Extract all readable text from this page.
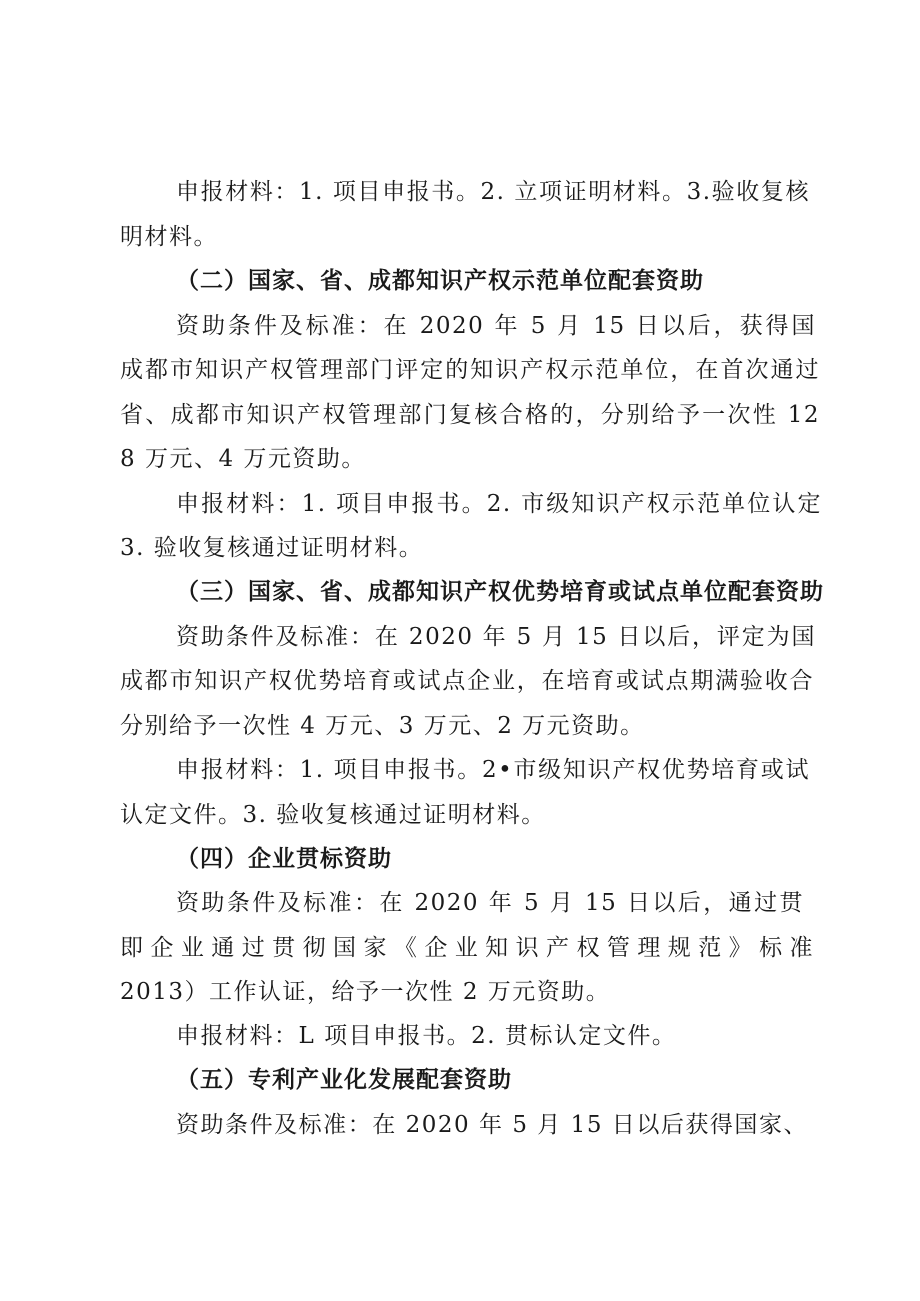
申报材料：1. 项目申报书。2. 立项证明材料。3.验收复核
明材料。
（二）国家、省、成都知识产权示范单位配套资助
资助条件及标准：在 2020 年 5 月 15 日以后，获得国
成都市知识产权管理部门评定的知识产权示范单位，在首次通过
省、成都市知识产权管理部门复核合格的，分别给予一次性 12
8 万元、4 万元资助。
申报材料：1. 项目申报书。2. 市级知识产权示范单位认定
3. 验收复核通过证明材料。
（三）国家、省、成都知识产权优势培育或试点单位配套资助
资助条件及标准：在 2020 年 5 月 15 日以后，评定为国
成都市知识产权优势培育或试点企业，在培育或试点期满验收合
分别给予一次性 4 万元、3 万元、2 万元资助。
申报材料：1. 项目申报书。2•市级知识产权优势培育或试
认定文件。3. 验收复核通过证明材料。
（四）企业贯标资助
资助条件及标准：在 2020 年 5 月 15 日以后，通过贯
即企业通过贯彻国家《企业知识产权管理规范》标准
2013）工作认证，给予一次性 2 万元资助。
申报材料：L 项目申报书。2. 贯标认定文件。
（五）专利产业化发展配套资助
资助条件及标准：在 2020 年 5 月 15 日以后获得国家、
